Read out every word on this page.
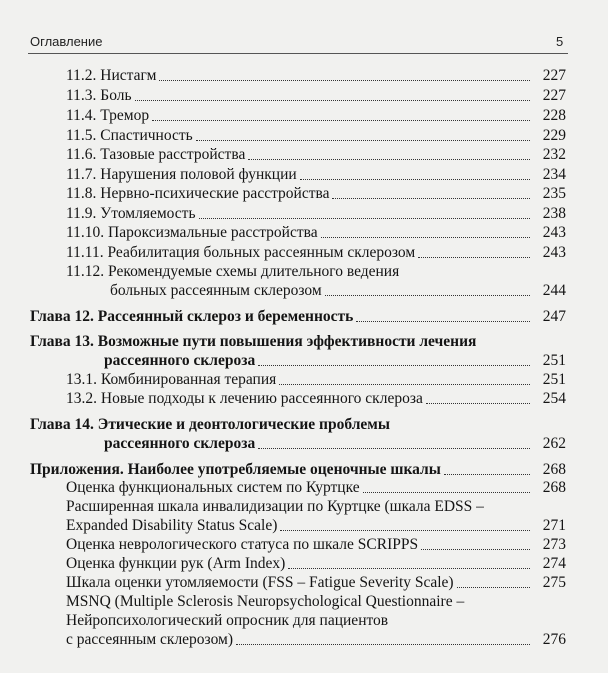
Оглавление	5
11.2. Нистагм	227
11.3. Боль	227
11.4. Тремор	228
11.5. Спастичность	229
11.6. Тазовые расстройства	232
11.7. Нарушения половой функции	234
11.8. Нервно-психические расстройства	235
11.9. Утомляемость	238
11.10. Пароксизмальные расстройства	243
11.11. Реабилитация больных рассеянным склерозом	243
11.12. Рекомендуемые схемы длительного ведения
больных рассеянным склерозом	244
Глава 12. Рассеянный склероз и беременность	247
Глава 13. Возможные пути повышения эффективности лечения
рассеянного склероза	251
13.1. Комбинированная терапия	251
13.2. Новые подходы к лечению рассеянного склероза	254
Глава 14. Этические и деонтологические проблемы
рассеянного склероза	262
Приложения. Наиболее употребляемые оценочные шкалы	268
Оценка функциональных систем по Куртцке	268
Расширенная шкала инвалидизации по Куртцке (шкала EDSS –
Expanded Disability Status Scale)	271
Оценка неврологического статуса по шкале SCRIPPS	273
Оценка функции рук (Arm Index)	274
Шкала оценки утомляемости (FSS – Fatigue Severity Scale)	275
MSNQ (Multiple Sclerosis Neuropsychological Questionnaire –
Нейропсихологический опросник для пациентов
с рассеянным склерозом)	276
